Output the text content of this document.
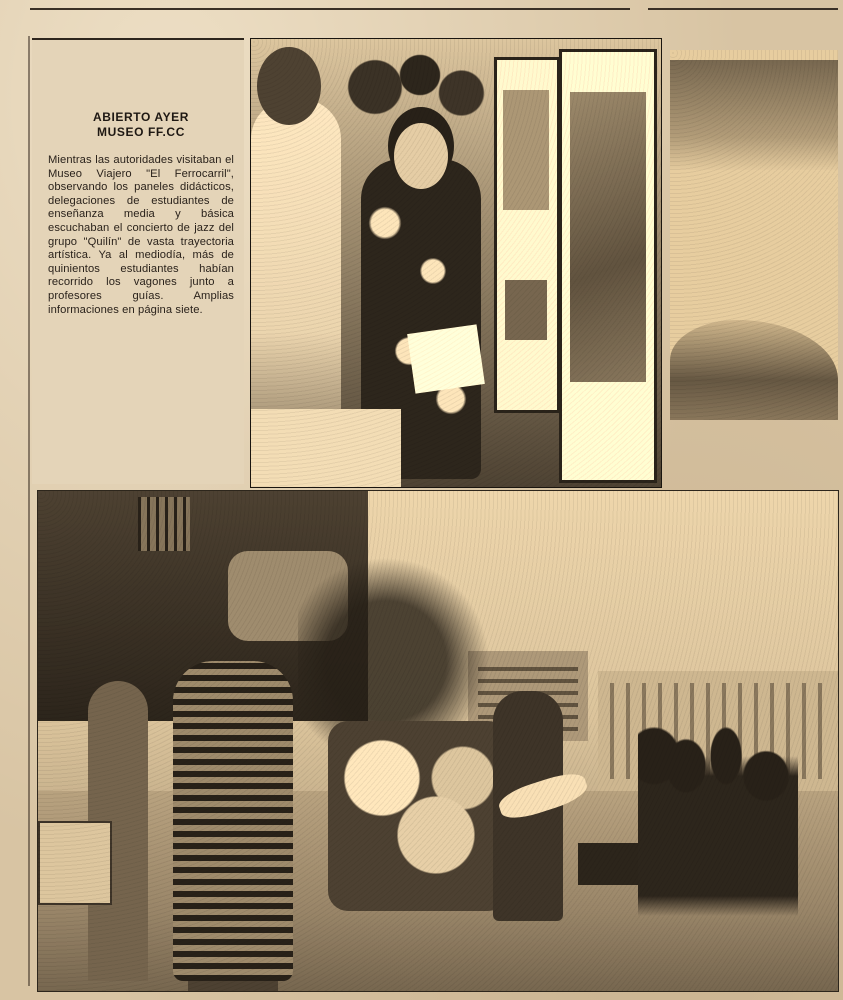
ABIERTO AYER
MUSEO FF.CC
Mientras las autoridades visitaban el Museo Viajero "El Ferrocarril", observando los paneles didácticos, delegaciones de estudiantes de enseñanza media y básica escuchaban el concierto de jazz del grupo "Quilín" de vasta trayectoria artística. Ya al mediodía, más de quinientos estudiantes habían recorrido los vagones junto a profesores guías. Amplias informaciones en página siete.
